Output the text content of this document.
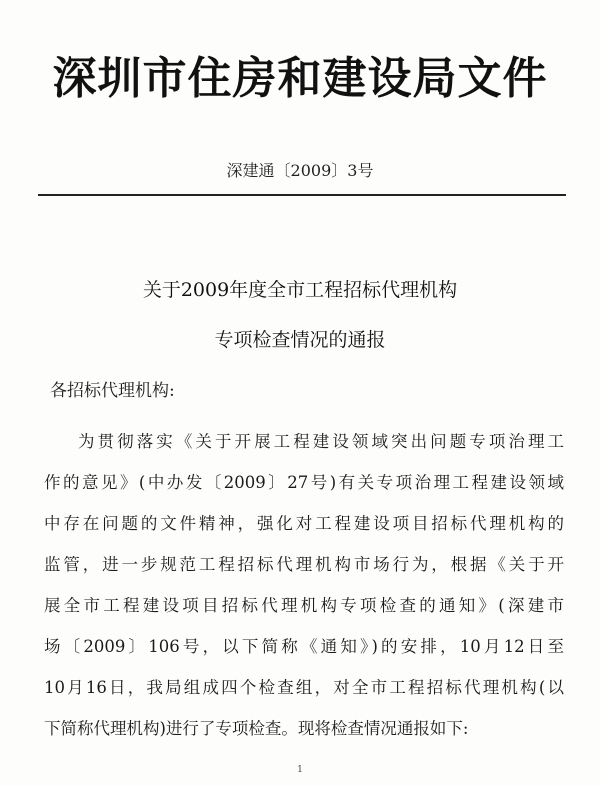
深圳市住房和建设局文件
深建通〔2009〕3号
关于2009年度全市工程招标代理机构
专项检查情况的通报
各招标代理机构:
为贯彻落实《关于开展工程建设领域突出问题专项治理工
作的意见》(中办发〔2009〕27号)有关专项治理工程建设领域
中存在问题的文件精神，强化对工程建设项目招标代理机构的
监管，进一步规范工程招标代理机构市场行为，根据《关于开
展全市工程建设项目招标代理机构专项检查的通知》(深建市
场〔2009〕106号，以下简称《通知》)的安排，10月12日至
10月16日，我局组成四个检查组，对全市工程招标代理机构(以
下简称代理机构)进行了专项检查。现将检查情况通报如下:
1
